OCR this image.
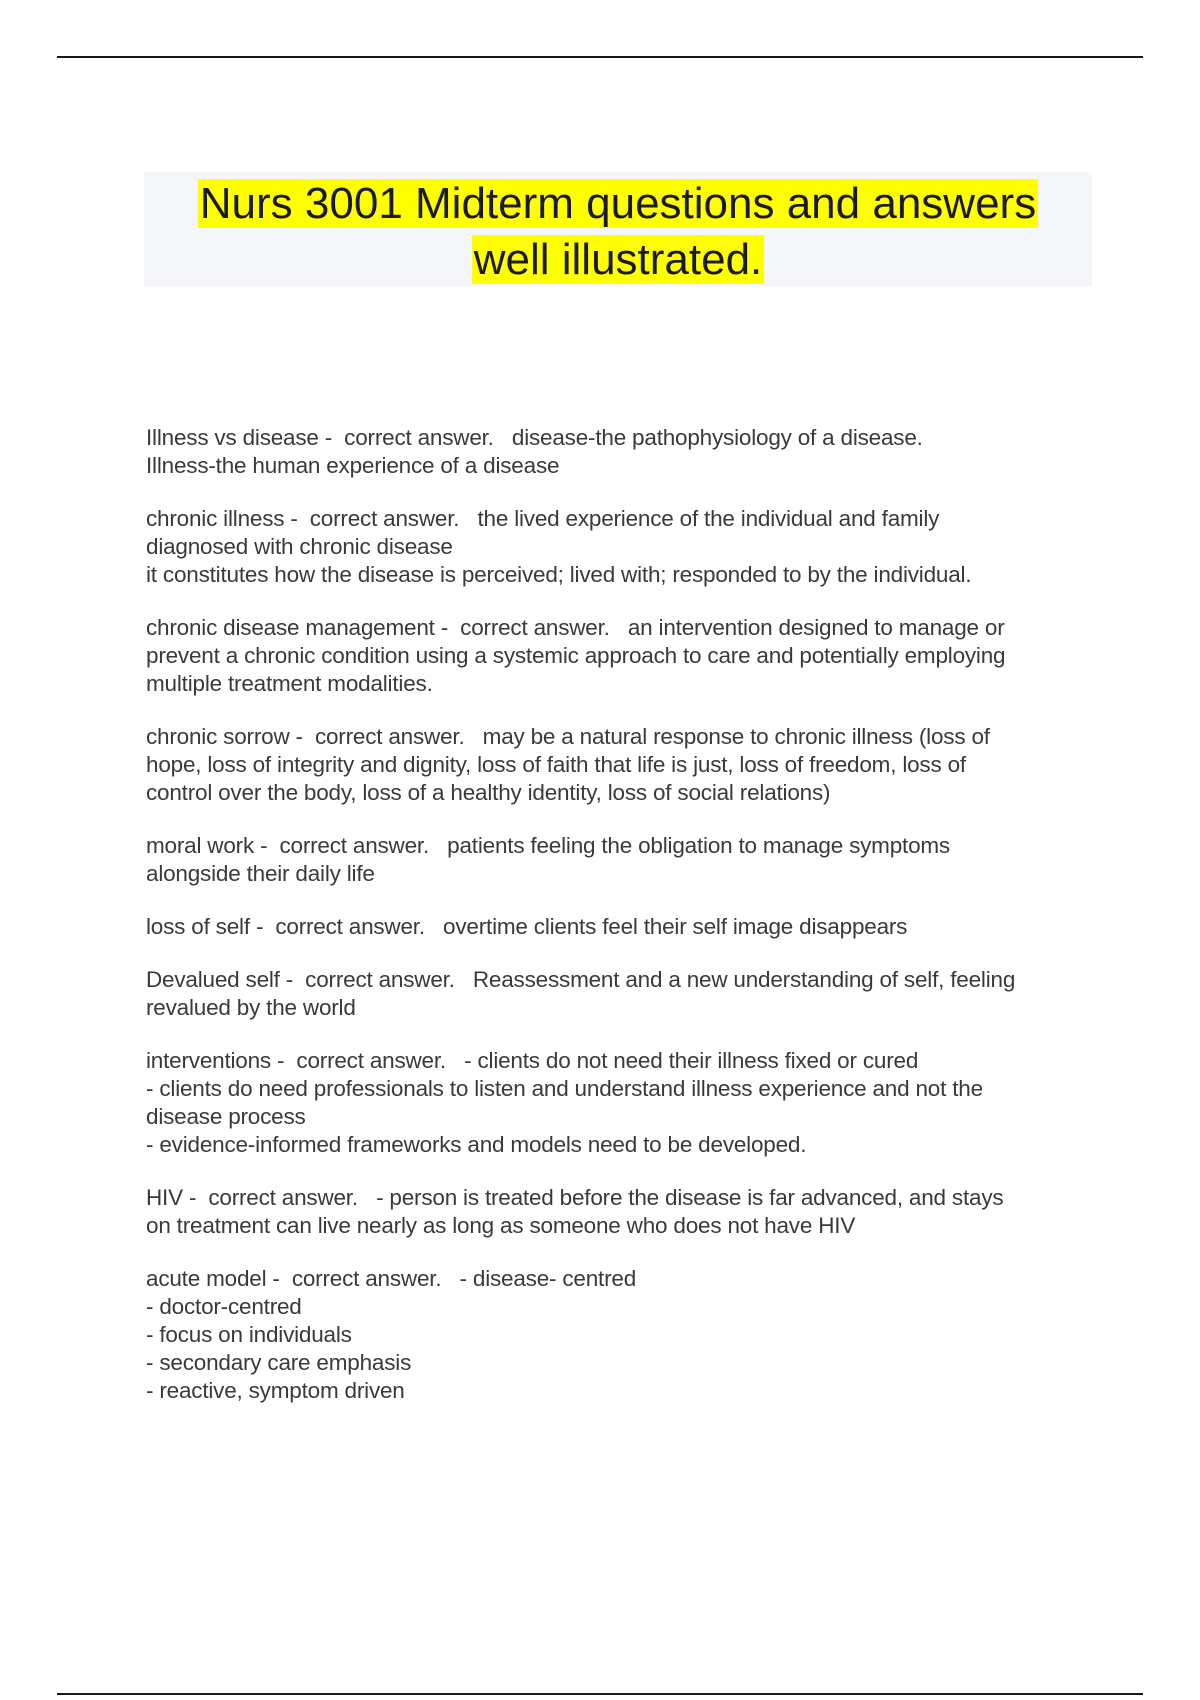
Nurs 3001 Midterm questions and answers
well illustrated.
Illness vs disease -  correct answer.   disease-the pathophysiology of a disease.
Illness-the human experience of a disease
chronic illness -  correct answer.   the lived experience of the individual and family
diagnosed with chronic disease
it constitutes how the disease is perceived; lived with; responded to by the individual.
chronic disease management -  correct answer.   an intervention designed to manage or
prevent a chronic condition using a systemic approach to care and potentially employing
multiple treatment modalities.
chronic sorrow -  correct answer.   may be a natural response to chronic illness (loss of
hope, loss of integrity and dignity, loss of faith that life is just, loss of freedom, loss of
control over the body, loss of a healthy identity, loss of social relations)
moral work -  correct answer.   patients feeling the obligation to manage symptoms
alongside their daily life
loss of self -  correct answer.   overtime clients feel their self image disappears
Devalued self -  correct answer.   Reassessment and a new understanding of self, feeling
revalued by the world
interventions -  correct answer.   - clients do not need their illness fixed or cured
- clients do need professionals to listen and understand illness experience and not the
disease process
- evidence-informed frameworks and models need to be developed.
HIV -  correct answer.   - person is treated before the disease is far advanced, and stays
on treatment can live nearly as long as someone who does not have HIV
acute model -  correct answer.   - disease- centred
- doctor-centred
- focus on individuals
- secondary care emphasis
- reactive, symptom driven
